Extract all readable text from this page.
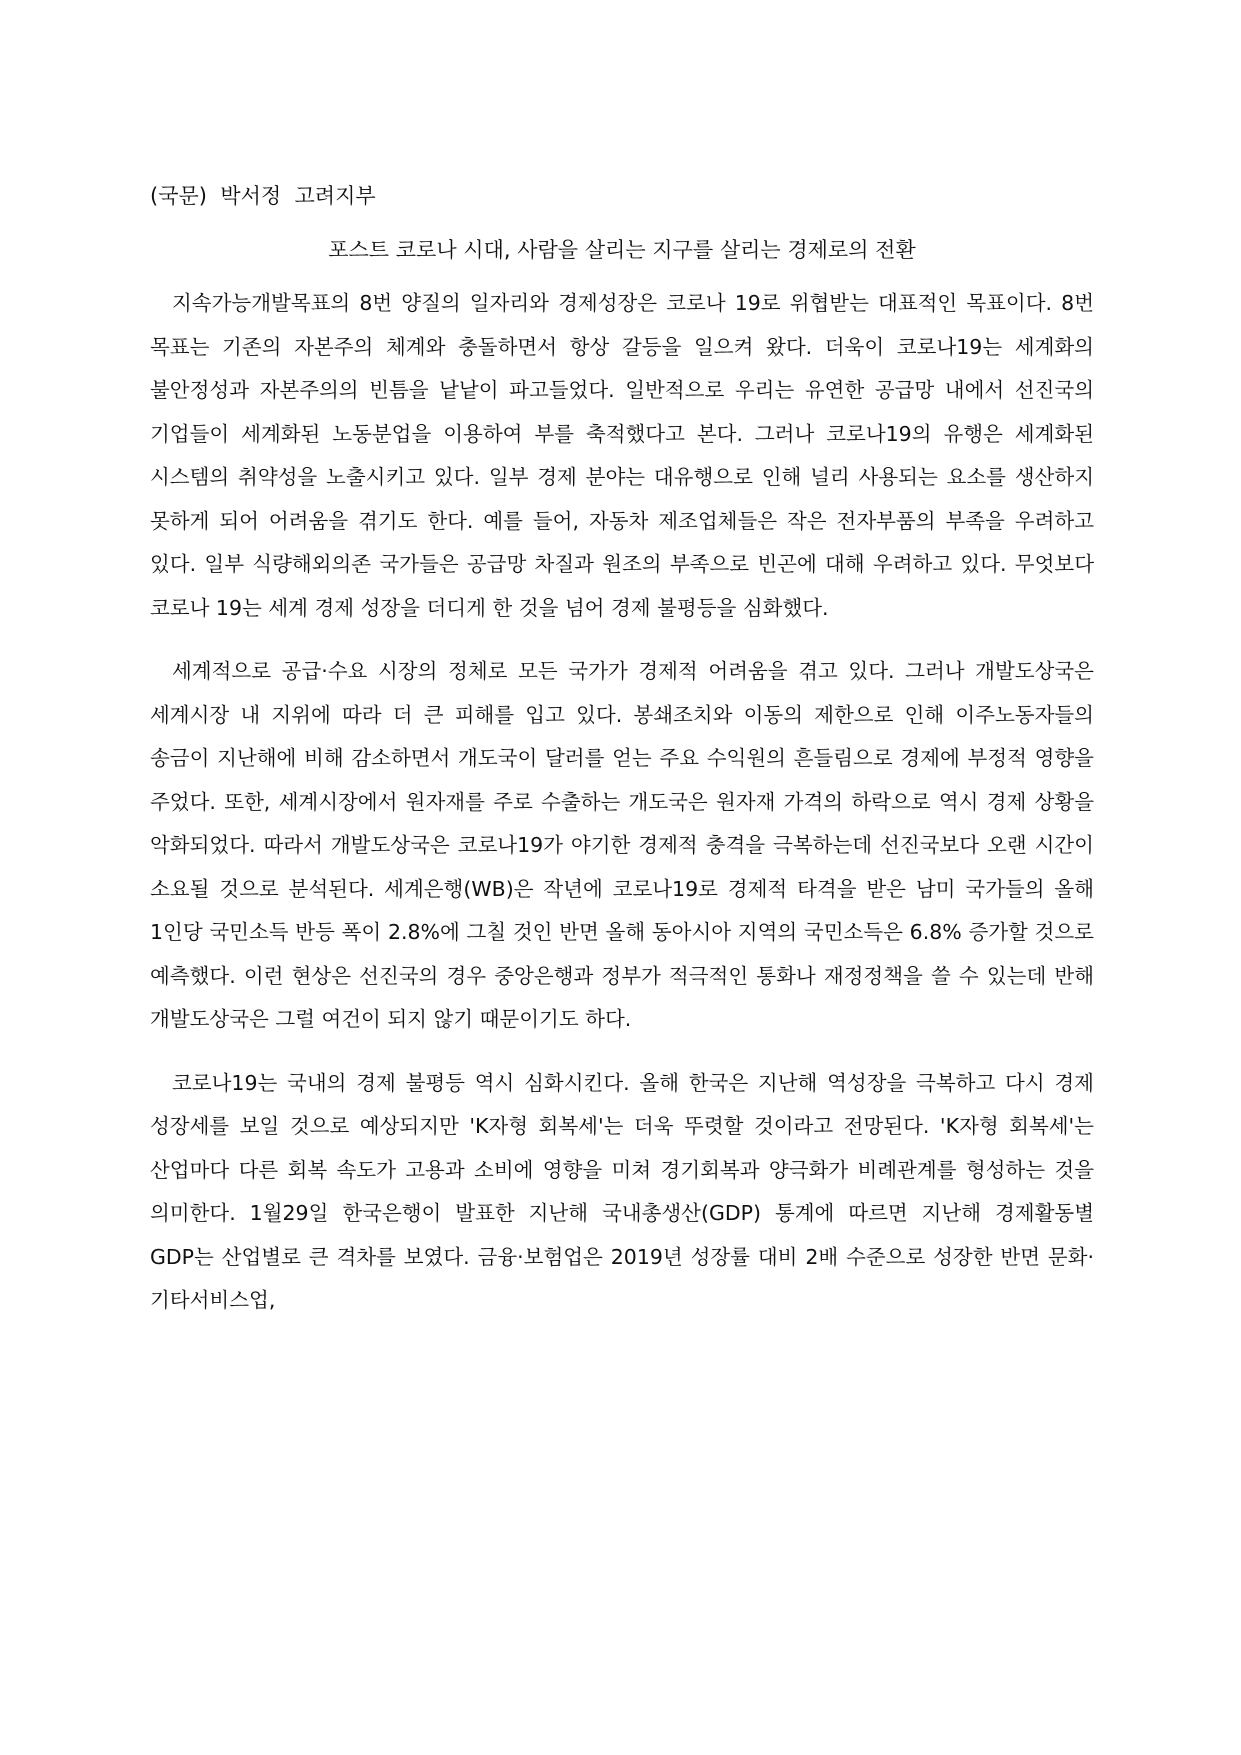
(국문)  박서정  고려지부
포스트 코로나 시대, 사람을 살리는 지구를 살리는 경제로의 전환

지속가능개발목표의 8번 양질의 일자리와 경제성장은 코로나 19로 위협받는 대표적인 목표이다. 8번 목표는 기존의 자본주의 체계와 충돌하면서 항상 갈등을 일으켜 왔다. 더욱이 코로나19는 세계화의 불안정성과 자본주의의 빈틈을 낱낱이 파고들었다. 일반적으로 우리는 유연한 공급망 내에서 선진국의 기업들이 세계화된 노동분업을 이용하여 부를 축적했다고 본다. 그러나 코로나19의 유행은 세계화된 시스템의 취약성을 노출시키고 있다. 일부 경제 분야는 대유행으로 인해 널리 사용되는 요소를 생산하지 못하게 되어 어려움을 겪기도 한다. 예를 들어, 자동차 제조업체들은 작은 전자부품의 부족을 우려하고 있다. 일부 식량해외의존 국가들은 공급망 차질과 원조의 부족으로 빈곤에 대해 우려하고 있다. 무엇보다 코로나 19는 세계 경제 성장을 더디게 한 것을 넘어 경제 불평등을 심화했다.

세계적으로 공급·수요 시장의 정체로 모든 국가가 경제적 어려움을 겪고 있다. 그러나 개발도상국은 세계시장 내 지위에 따라 더 큰 피해를 입고 있다. 봉쇄조치와 이동의 제한으로 인해 이주노동자들의 송금이 지난해에 비해 감소하면서 개도국이 달러를 얻는 주요 수익원의 흔들림으로 경제에 부정적 영향을 주었다. 또한, 세계시장에서 원자재를 주로 수출하는 개도국은 원자재 가격의 하락으로 역시 경제 상황을 악화되었다. 따라서 개발도상국은 코로나19가 야기한 경제적 충격을 극복하는데 선진국보다 오랜 시간이 소요될 것으로 분석된다. 세계은행(WB)은 작년에 코로나19로 경제적 타격을 받은 남미 국가들의 올해 1인당 국민소득 반등 폭이 2.8%에 그칠 것인 반면 올해 동아시아 지역의 국민소득은 6.8% 증가할 것으로 예측했다. 이런 현상은 선진국의 경우 중앙은행과 정부가 적극적인 통화나 재정정책을 쓸 수 있는데 반해 개발도상국은 그럴 여건이 되지 않기 때문이기도 하다.

코로나19는 국내의 경제 불평등 역시 심화시킨다. 올해 한국은 지난해 역성장을 극복하고 다시 경제 성장세를 보일 것으로 예상되지만 'K자형 회복세'는 더욱 뚜렷할 것이라고 전망된다. 'K자형 회복세'는 산업마다 다른 회복 속도가 고용과 소비에 영향을 미쳐 경기회복과 양극화가 비례관계를 형성하는 것을 의미한다. 1월29일 한국은행이 발표한 지난해 국내총생산(GDP) 통계에 따르면 지난해 경제활동별 GDP는 산업별로 큰 격차를 보였다. 금융·보험업은 2019년 성장률 대비 2배 수준으로 성장한 반면 문화·기타서비스업,
